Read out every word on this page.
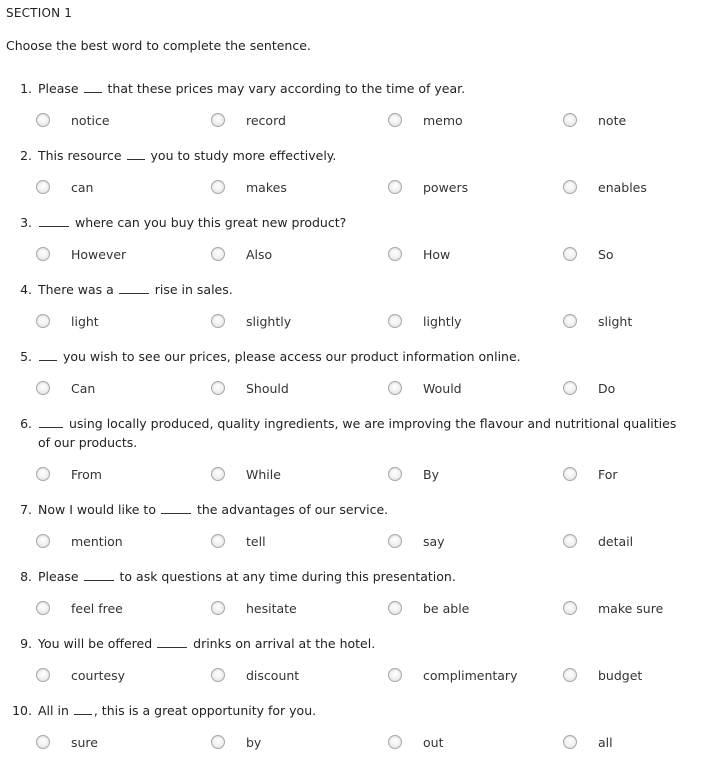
SECTION 1
Choose the best word to complete the sentence.
1. Please  that these prices may vary according to the time of year.
notice	record	memo	note
2. This resource  you to study more effectively.
can	makes	powers	enables
3.	where can you buy this great new product?
However	Also	How	So
4. There was a	rise in sales.
light	slightly	lightly	slight
5. you wish to see our prices, please access our product information online.
Can	Should	Would	Do
6.	using locally produced, quality ingredients, we are improving the flavour and nutritional qualities of our products.
From	While	By	For
7. Now I would like to	the advantages of our service.
mention	tell	say	detail
8. Please	to ask questions at any time during this presentation.
feel free	hesitate	be able	make sure
9. You will be offered	drinks on arrival at the hotel.
courtesy	discount	complimentary	budget
10. All in , this is a great opportunity for you.
sure	by	out	all
